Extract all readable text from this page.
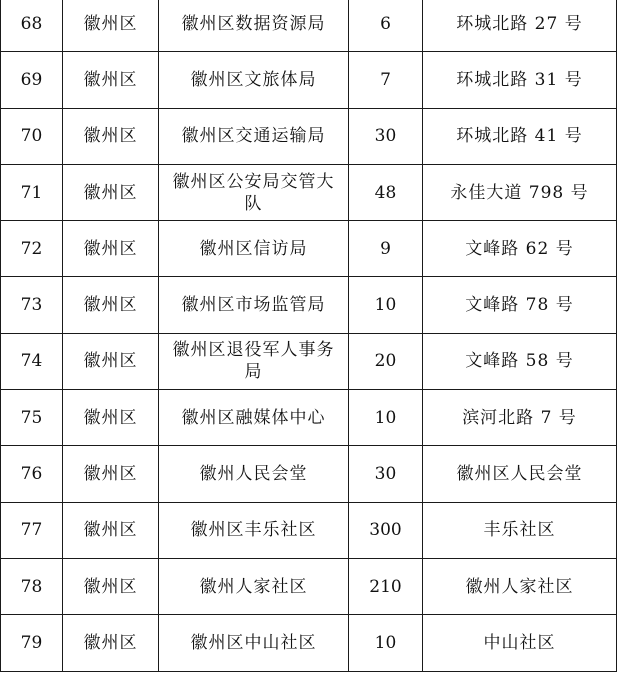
68	徽州区	徽州区数据资源局	6	环城北路 27 号
69	徽州区	徽州区文旅体局	7	环城北路 31 号
70	徽州区	徽州区交通运输局	30	环城北路 41 号
71	徽州区	徽州区公安局交管大队	48	永佳大道 798 号
72	徽州区	徽州区信访局	9	文峰路 62 号
73	徽州区	徽州区市场监管局	10	文峰路 78 号
74	徽州区	徽州区退役军人事务局	20	文峰路 58 号
75	徽州区	徽州区融媒体中心	10	滨河北路 7 号
76	徽州区	徽州人民会堂	30	徽州区人民会堂
77	徽州区	徽州区丰乐社区	300	丰乐社区
78	徽州区	徽州人家社区	210	徽州人家社区
79	徽州区	徽州区中山社区	10	中山社区
